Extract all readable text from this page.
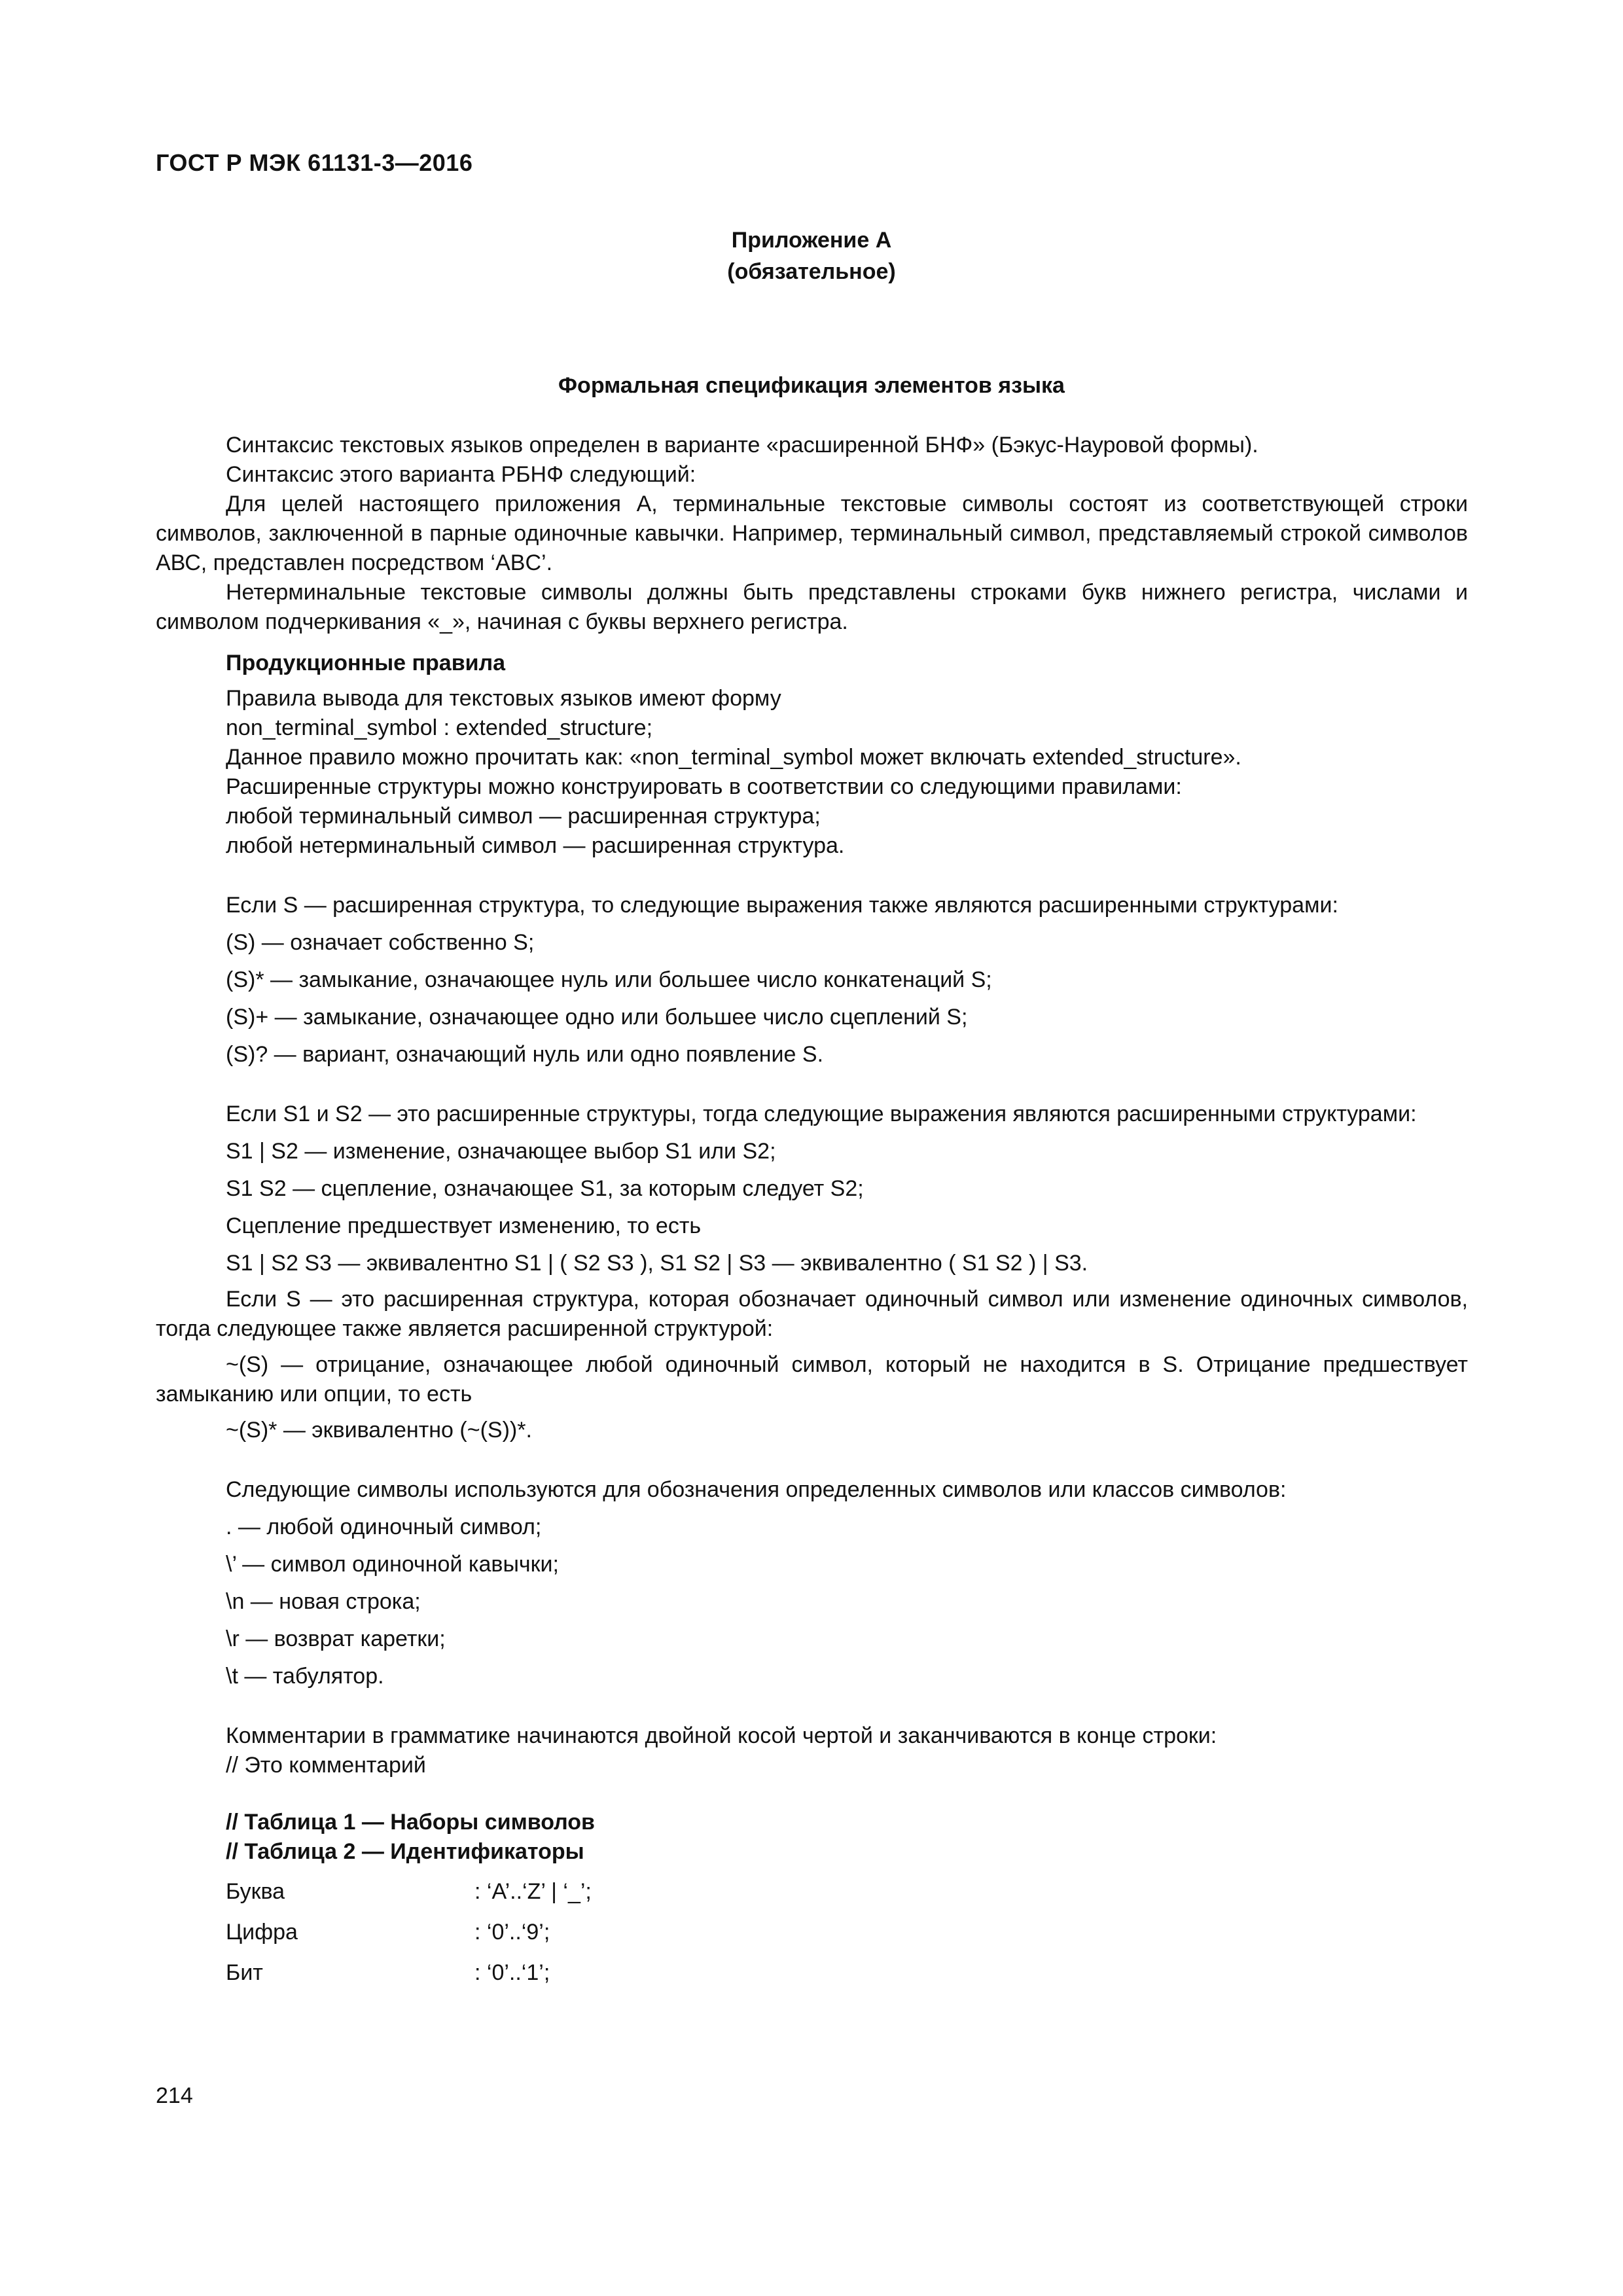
ГОСТ Р МЭК 61131-3—2016
Приложение А
(обязательное)
Формальная спецификация элементов языка

Синтаксис текстовых языков определен в варианте «расширенной БНФ» (Бэкус-Науровой формы).

Синтаксис этого варианта РБНФ следующий:

Для целей настоящего приложения А, терминальные текстовые символы состоят из соответствующей строки символов, заключенной в парные одиночные кавычки. Например, терминальный символ, представляемый строкой символов АВС, представлен посредством ‘ABC’.

Нетерминальные текстовые символы должны быть представлены строками букв нижнего регистра, числами и символом подчеркивания «_», начиная с буквы верхнего регистра.

Продукционные правила

Правила вывода для текстовых языков имеют форму

non_terminal_symbol : extended_structure;

Данное правило можно прочитать как: «non_terminal_symbol может включать extended_structure».

Расширенные структуры можно конструировать в соответствии со следующими правилами:

любой терминальный символ — расширенная структура;

любой нетерминальный символ — расширенная структура.

Если S — расширенная структура, то следующие выражения также являются расширенными структурами:

(S) — означает собственно S;

(S)* — замыкание, означающее нуль или большее число конкатенаций S;

(S)+ — замыкание, означающее одно или большее число сцеплений S;

(S)? — вариант, означающий нуль или одно появление S.

Если S1 и S2 — это расширенные структуры, тогда следующие выражения являются расширенными структурами:

S1 | S2 — изменение, означающее выбор S1 или S2;

S1 S2 — сцепление, означающее S1, за которым следует S2;

Сцепление предшествует изменению, то есть

S1 | S2 S3 — эквивалентно S1 | ( S2 S3 ), S1 S2 | S3 — эквивалентно ( S1 S2 ) | S3.

Если S — это расширенная структура, которая обозначает одиночный символ или изменение одиночных символов, тогда следующее также является расширенной структурой:

~(S) — отрицание, означающее любой одиночный символ, который не находится в S. Отрицание предшествует замыканию или опции, то есть

~(S)* — эквивалентно (~(S))*.

Следующие символы используются для обозначения определенных символов или классов символов:

. — любой одиночный символ;

\’ — символ одиночной кавычки;

\n — новая строка;

\r — возврат каретки;

\t — табулятор.

Комментарии в грамматике начинаются двойной косой чертой и заканчиваются в конце строки:

// Это комментарий

// Таблица 1 — Наборы символов

// Таблица 2 — Идентификаторы

Буква	: ‘A’..‘Z’ | ‘_’;
Цифра	: ‘0’..‘9’;
Бит	: ‘0’..‘1’;
214
